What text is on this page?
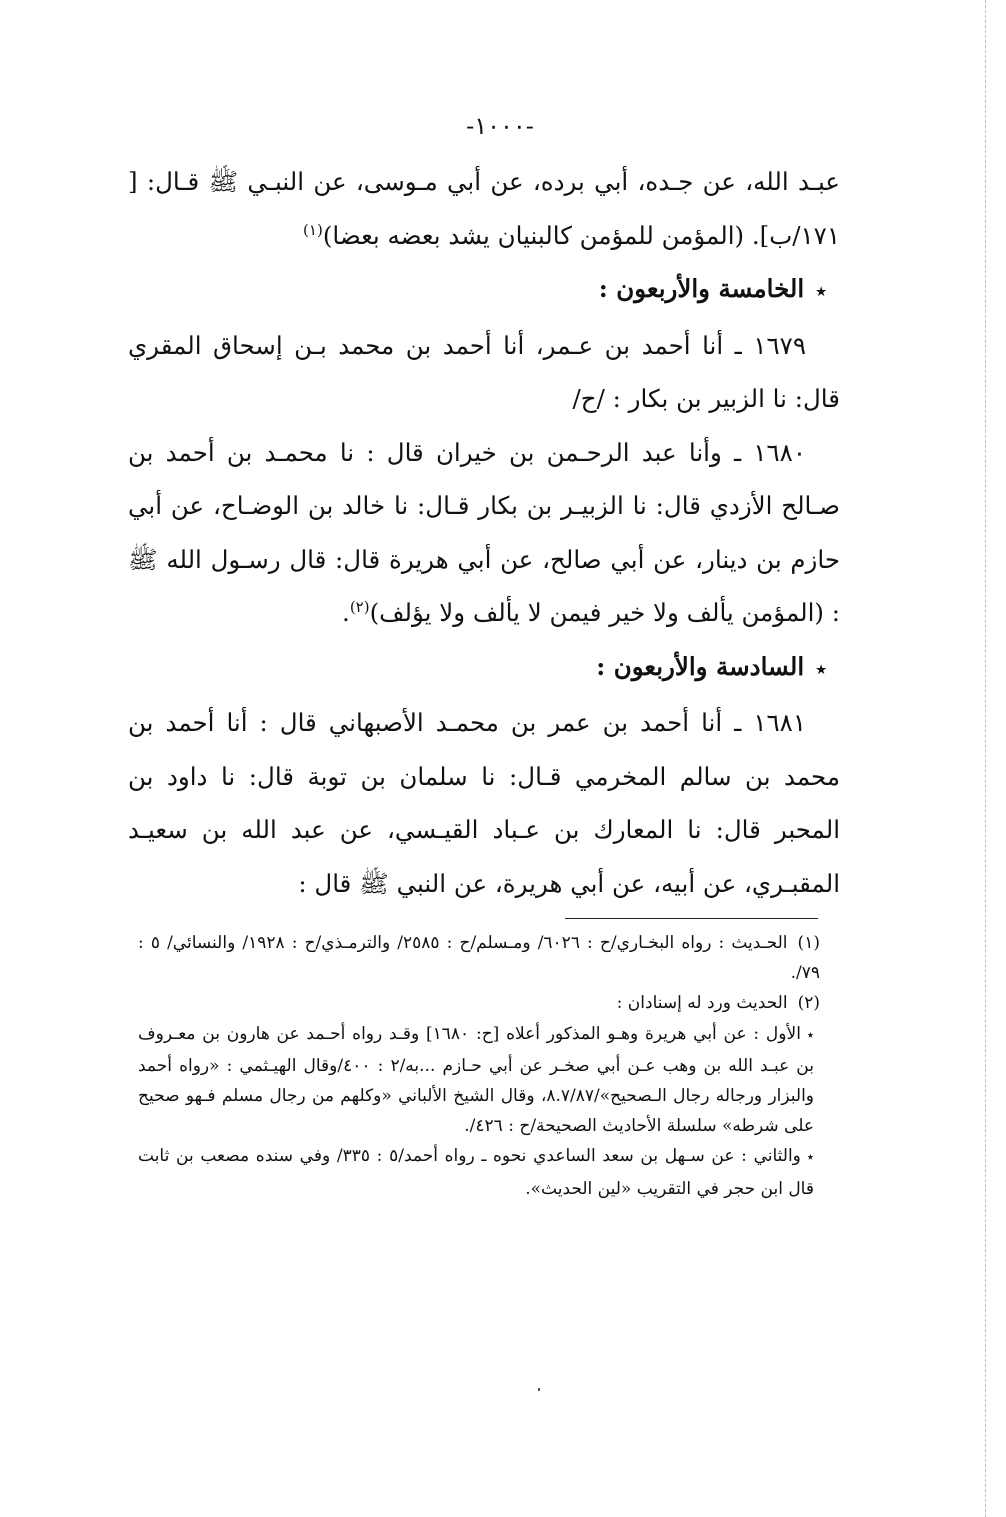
-١٠٠٠-

عبـد الله، عن جـده، أبي برده، عن أبي مـوسى، عن النبـي ﷺ قـال: [ ١٧١/ب]. (المؤمن للمؤمن كالبنيان يشد بعضه بعضا)$^{(١)}$

٭الخامسة والأربعون :

١٦٧٩ ـ أنا أحمد بن عـمر، أنا أحمد بن محمد بـن إسحاق المقري قال: نا الزبير بن بكار : /ح/

١٦٨٠ ـ وأنا عبد الرحـمن بن خيران قال : نا محمـد بن أحمد بن صـالح الأزدي قال: نا الزبيـر بن بكار قـال: نا خالد بن الوضـاح، عن أبي حازم بن دينار، عن أبي صالح، عن أبي هريرة قال: قال رسـول الله ﷺ : (المؤمن يألف ولا خير فيمن لا يألف ولا يؤلف)$^{(٢)}$.

٭السادسة والأربعون :

١٦٨١ ـ أنا أحمد بن عمر بن محمـد الأصبهاني قال : أنا أحمد بن محمد بن سالم المخرمي قـال: نا سلمان بن توبة قال: نا داود بن المحبر قال: نا المعارك بن عـباد القيـسي، عن عبد الله بن سعيـد المقبـري، عن أبيه، عن أبي هريرة، عن النبي ﷺ قال :

(١)الحـديث : رواه البخـاري/ح : ٦٠٢٦/ ومـسلم/ح : ٢٥٨٥/ والترمـذي/ح : ١٩٢٨/ والنسائي/ ٥ : ٧٩/.

(٢)الحديث ورد له إسنادان :

٭الأول : عن أبي هريرة وهـو المذكور أعلاه [ح: ١٦٨٠] وقـد رواه أحـمد عن هارون بن معـروف بن عبـد الله بن وهب عـن أبي صخـر عن أبي حـازم ...به/٢ : ٤٠٠/وقال الهيـثمي : «رواه أحمد والبزار ورجاله رجال الـصحيح»/٨.٧/٨٧، وقال الشيخ الألباني «وكلهم من رجال مسلم فـهو صحيح على شرطه» سلسلة الأحاديث الصحيحة/ح : ٤٢٦/.

٭والثاني : عن سـهل بن سعد الساعدي نحوه ـ رواه أحمد/٥ : ٣٣٥/ وفي سنده مصعب بن ثابت قال ابن حجر في التقريب «لين الحديث».
